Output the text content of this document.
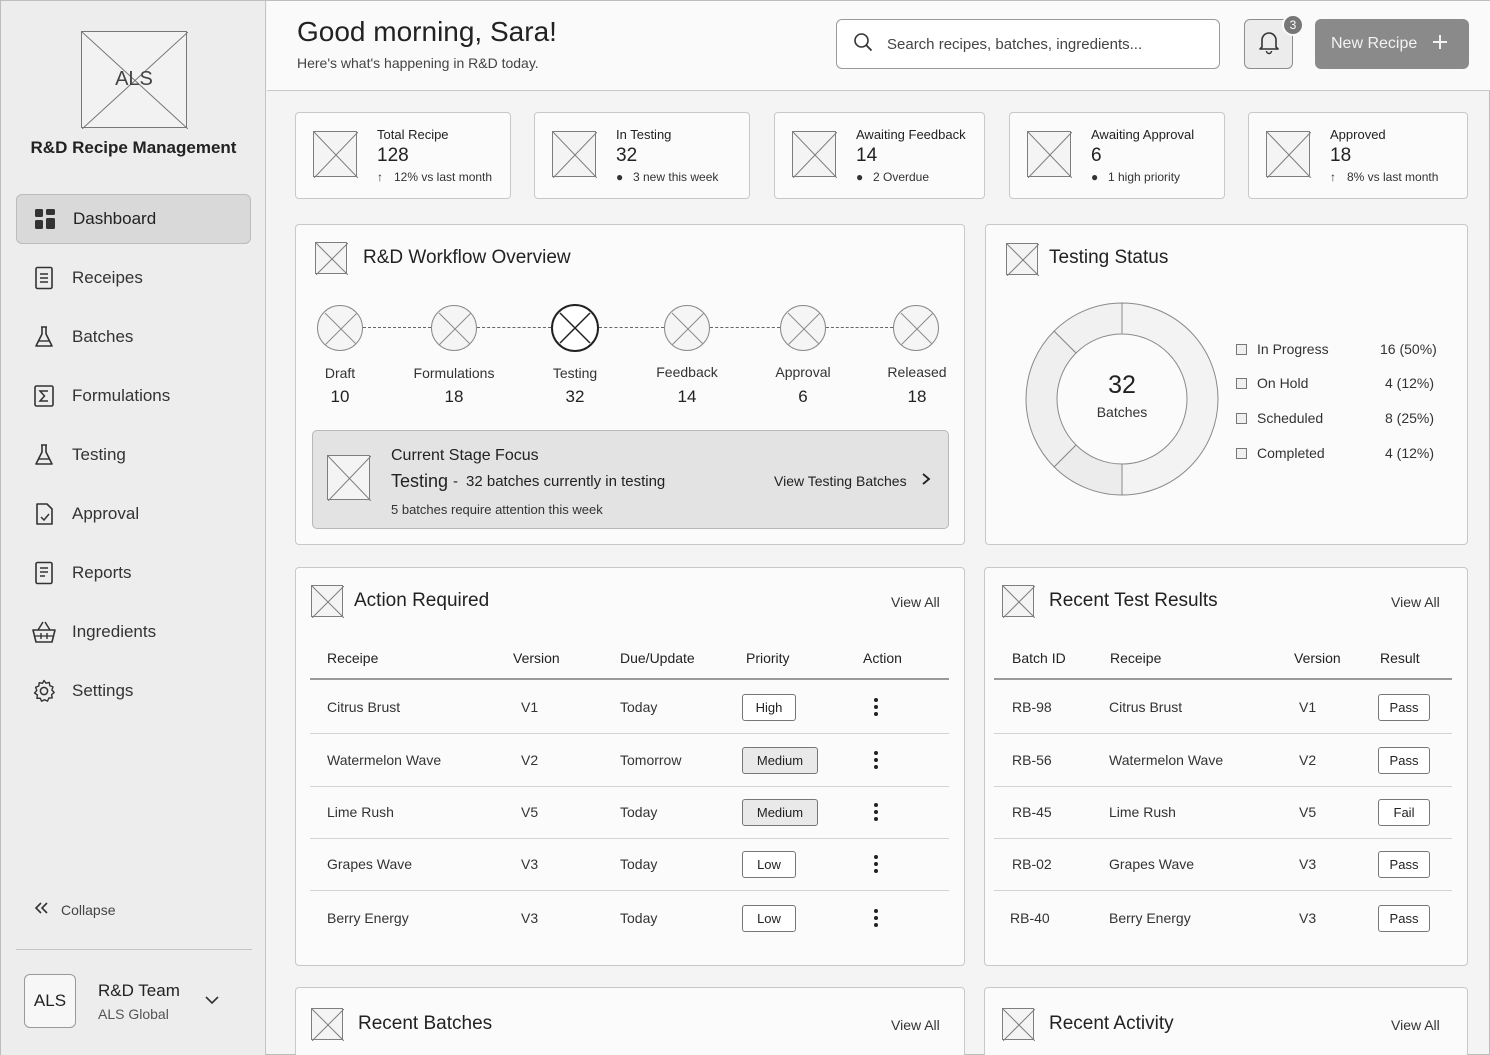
ALS
R&D Recipe Management
Dashboard
Receipes
Batches
Formulations
Testing
Approval
Reports
Ingredients
Settings
Collapse
ALS
R&D Team
ALS Global
Good morning, Sara!
Here's what's happening in R&D today.
Search recipes, batches, ingredients...
3
New Recipe
Total Recipe
128
↑ 12% vs last month
In Testing
32
● 3 new this week
Awaiting Feedback
14
● 2 Overdue
Awaiting Approval
6
● 1 high priority
Approved
18
↑ 8% vs last month
R&D Workflow Overview
Draft
10
Formulations
18
Testing
32
Feedback
14
Approval
6
Released
18
Current Stage Focus
Testing - 32 batches currently in testing
5 batches require attention this week
View Testing Batches
Testing Status
32
Batches
In Progress	16 (50%)
On Hold	4 (12%)
Scheduled	8 (25%)
Completed	4 (12%)
Action Required	View All
Receipe	Version	Due/Update	Priority	Action
Citrus Brust	V1	Today	High
Watermelon Wave	V2	Tomorrow	Medium
Lime Rush	V5	Today	Medium
Grapes Wave	V3	Today	Low
Berry Energy	V3	Today	Low
Recent Test Results	View All
Batch ID	Receipe	Version	Result
RB-98	Citrus Brust	V1	Pass
RB-56	Watermelon Wave	V2	Pass
RB-45	Lime Rush	V5	Fail
RB-02	Grapes Wave	V3	Pass
RB-40	Berry Energy	V3	Pass
Recent Batches	View All	Recent Activity	View All
